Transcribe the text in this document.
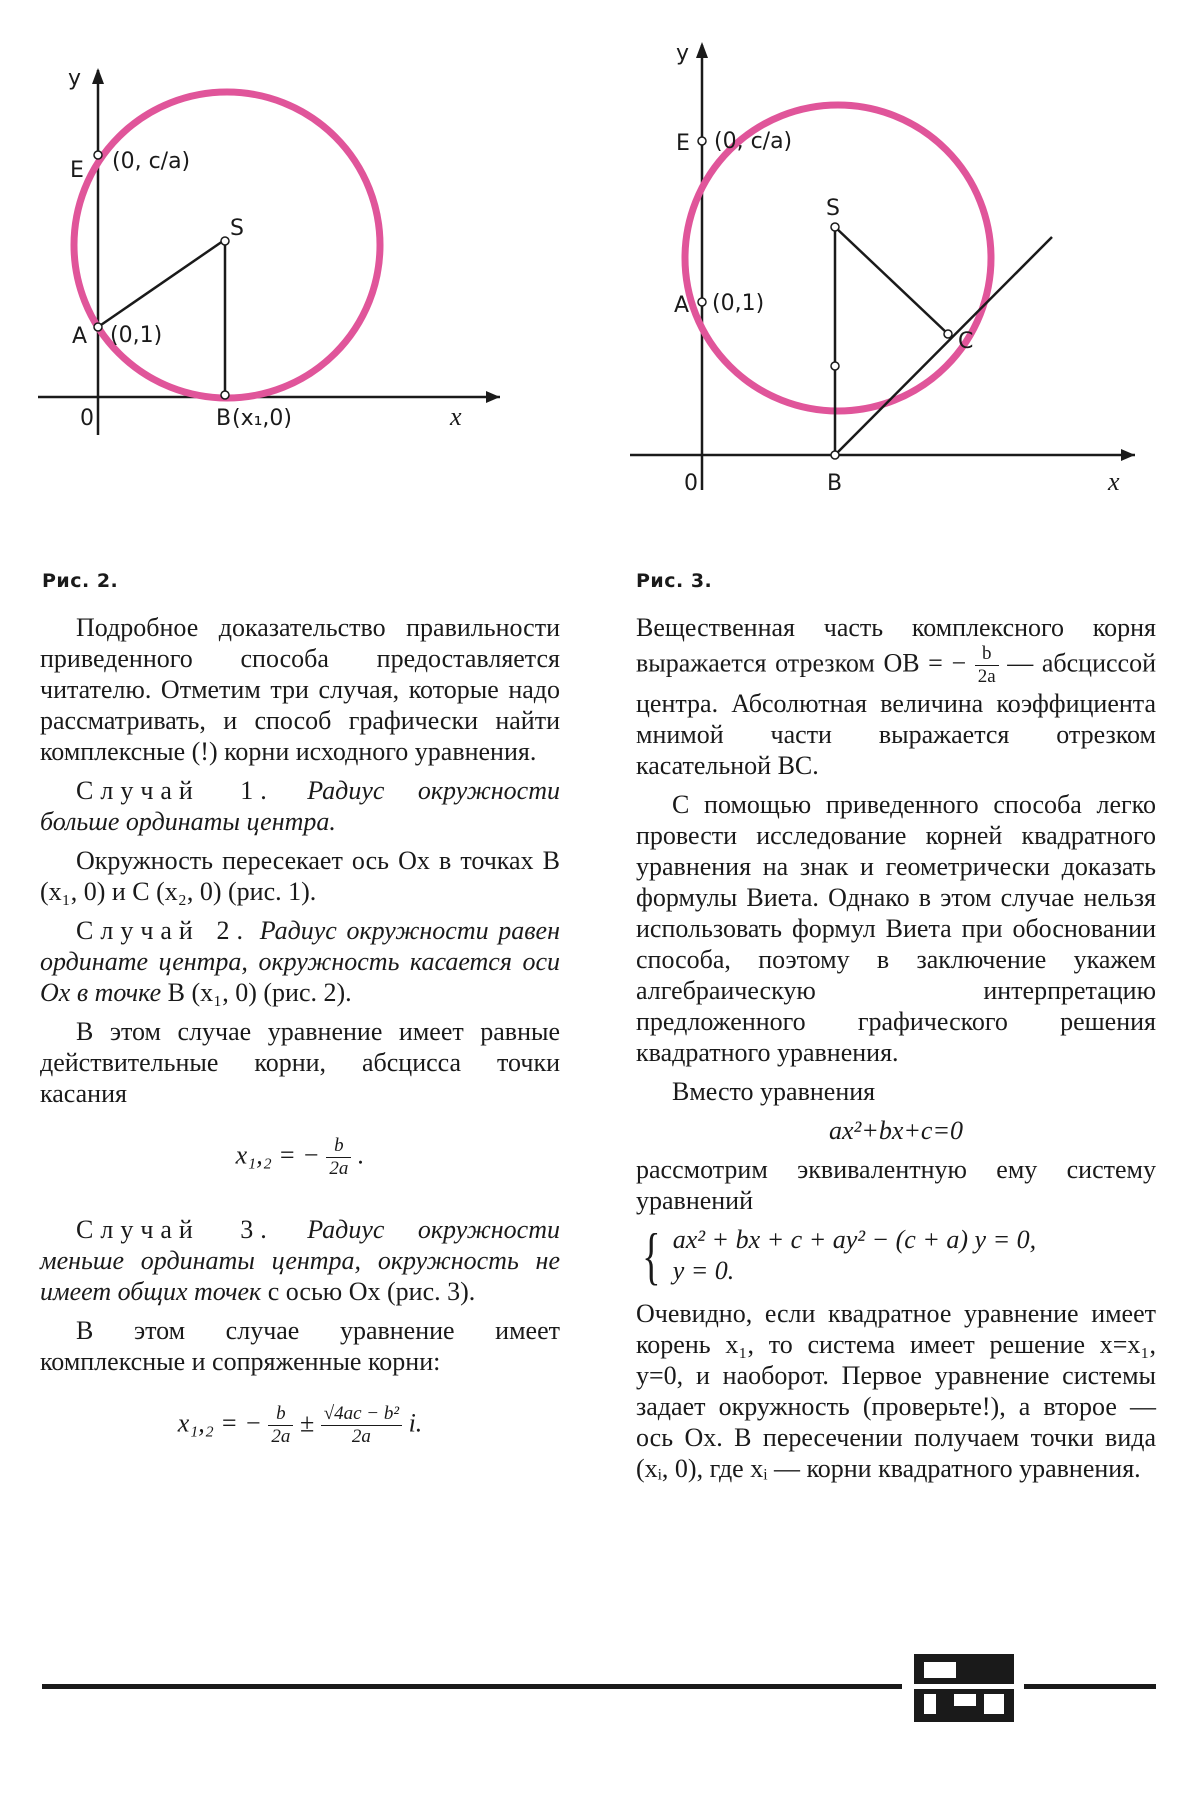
y
E (0, c/a)
S
A (0,1)
0	B (x₁,0)	x
Рис. 2.
y
E (0, c/a)
S
A (0,1)
C
0	B	x
Рис. 3.

Подробное доказательство правильности приведенного способа предоставляется читателю. Отметим три случая, которые надо рассматривать, и способ графически найти комплексные (!) корни исходного уравнения.

Случай 1. Радиус окружности больше ординаты центра.

Окружность пересекает ось Ox в точках B (x₁, 0) и C (x₂, 0) (рис. 1).

Случай 2. Радиус окружности равен ординате центра, окружность касается оси Ox в точке B (x₁, 0) (рис. 2).

В этом случае уравнение имеет равные действительные корни, абсцисса точки касания

x₁,₂ = − $\frac{b}{2a}$ .

Случай 3. Радиус окружности меньше ординаты центра, окружность не имеет общих точек с осью Ox (рис. 3).

В этом случае уравнение имеет комплексные и сопряженные корни:

x₁,₂ = − $\frac{b}{2a} \pm \frac{\text{√4ac − b²}}{2a} i$.

Вещественная часть комплексного корня выражается отрезком OB = − $\frac{b}{2a}$ — абсциссой центра. Абсолютная величина коэффициента мнимой части выражается отрезком касательной BC.

С помощью приведенного способа легко провести исследование корней квадратного уравнения на знак и геометрически доказать формулы Виета. Однако в этом случае нельзя использовать формул Виета при обосновании способа, поэтому в заключение укажем алгебраическую интерпретацию предложенного графического решения квадратного уравнения.

Вместо уравнения

ax²+bx+c=0

рассмотрим эквивалентную ему систему уравнений

{ ax² + bx + c + ay² − (c + a) y = 0,
y = 0.

Очевидно, если квадратное уравнение имеет корень x₁, то система имеет решение x=x₁, y=0, и наоборот. Первое уравнение системы задает окружность (проверьте!), а второе — ось Ox. В пересечении получаем точки вида (xᵢ, 0), где xᵢ — корни квадратного уравнения.
